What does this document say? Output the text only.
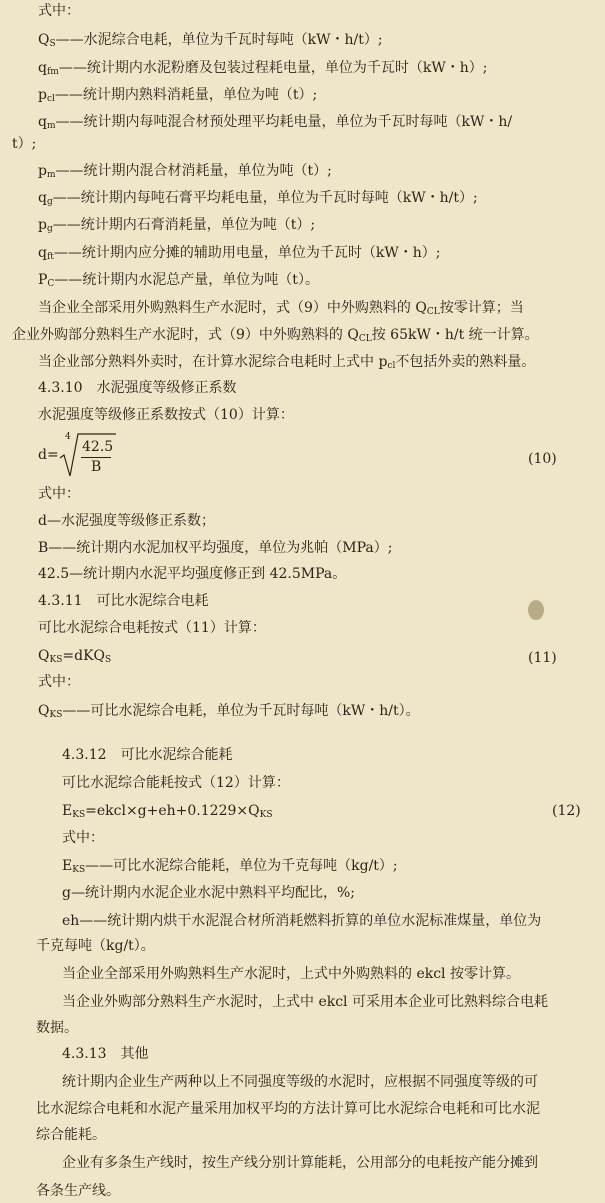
式中：
$Q_S——$水泥综合电耗，单位为千瓦时每吨（kW・h/t）;
$q_{fm}——$统计期内水泥粉磨及包装过程耗电量，单位为千瓦时（kW・h）;
$p_{cl}——$统计期内熟料消耗量，单位为吨（t）;
$q_m——$统计期内每吨混合材预处理平均耗电量，单位为千瓦时每吨（kW・h/
t）;
$p_m——$统计期内混合材消耗量，单位为吨（t）;
$q_g——$统计期内每吨石膏平均耗电量，单位为千瓦时每吨（kW・h/t）;
$p_g——$统计期内石膏消耗量，单位为吨（t）;
$q_{ft}——$统计期内应分摊的辅助用电量，单位为千瓦时（kW・h）;
$P_C——$统计期内水泥总产量，单位为吨（t）。
当企业全部采用外购熟料生产水泥时，式（9）中外购熟料的 $Q_{CL}$按零计算；当
企业外购部分熟料生产水泥时，式（9）中外购熟料的 $Q_{CL}$按 65kW・h/t 统一计算。
当企业部分熟料外卖时，在计算水泥综合电耗时上式中 $p_{cl}$不包括外卖的熟料量。
4.3.10　水泥强度等级修正系数
水泥强度等级修正系数按式（10）计算：
d=
4
42.5
B	(10)
式中：
d—水泥强度等级修正系数；
B——统计期内水泥加权平均强度，单位为兆帕（MPa）;
42.5—统计期内水泥平均强度修正到 42.5MPa。
4.3.11　可比水泥综合电耗
可比水泥综合电耗按式（11）计算：
$Q_{KS}=dKQ_S$	(11)
式中：
$Q_{KS}——$可比水泥综合电耗，单位为千瓦时每吨（kW・h/t）。
4.3.12　可比水泥综合能耗
可比水泥综合能耗按式（12）计算：
$E_{KS}=ekcl\times g+eh+0.1229\times Q_{KS}$	(12)
式中：
$E_{KS}——$可比水泥综合能耗，单位为千克每吨（kg/t）;
g—统计期内水泥企业水泥中熟料平均配比，%;
eh——统计期内烘干水泥混合材所消耗燃料折算的单位水泥标准煤量，单位为
千克每吨（kg/t）。
当企业全部采用外购熟料生产水泥时，上式中外购熟料的 ekcl 按零计算。
当企业外购部分熟料生产水泥时，上式中 ekcl 可采用本企业可比熟料综合电耗
数据。
4.3.13　其他
统计期内企业生产两种以上不同强度等级的水泥时，应根据不同强度等级的可
比水泥综合电耗和水泥产量采用加权平均的方法计算可比水泥综合电耗和可比水泥
综合能耗。
企业有多条生产线时，按生产线分别计算能耗，公用部分的电耗按产能分摊到
各条生产线。
